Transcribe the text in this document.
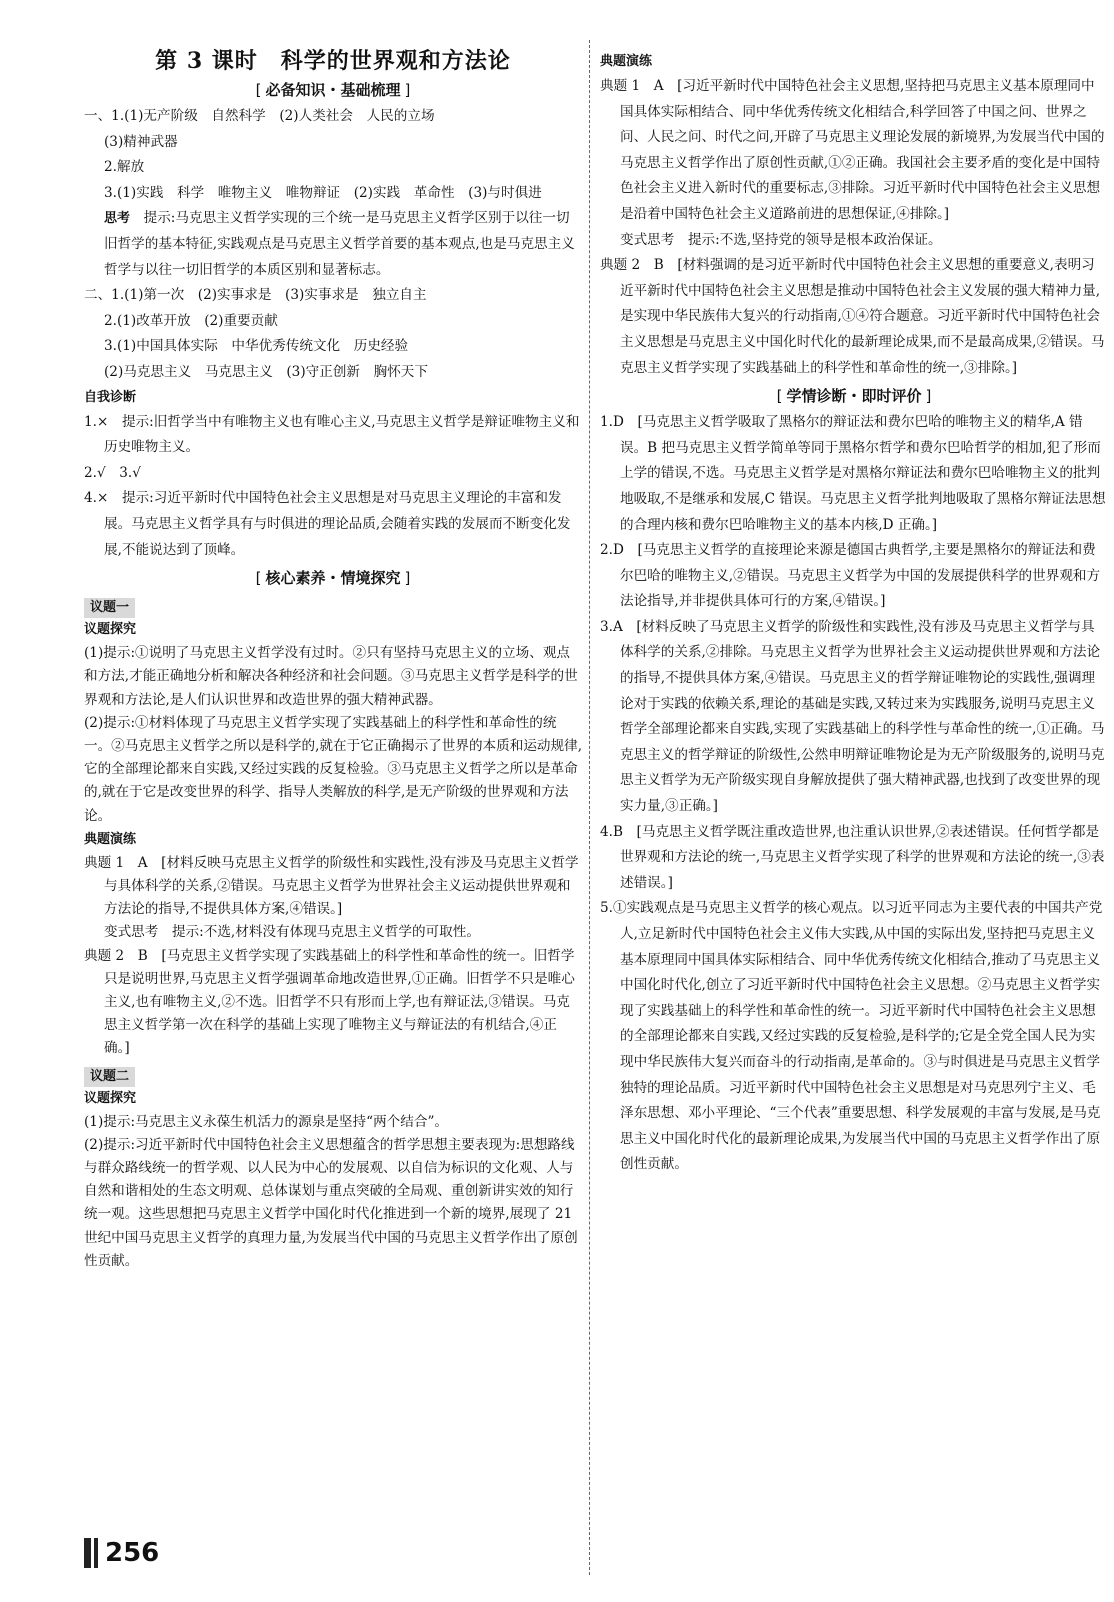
第 3 课时　科学的世界观和方法论
[ 必备知识・基础梳理 ]

一、1.(1)无产阶级　自然科学　(2)人类社会　人民的立场

(3)精神武器

2.解放

3.(1)实践　科学　唯物主义　唯物辩证　(2)实践　革命性　(3)与时俱进

思考　 提示:马克思主义哲学实现的三个统一是马克思主义哲学区别于以往一切旧哲学的基本特征,实践观点是马克思主义哲学首要的基本观点,也是马克思主义哲学与以往一切旧哲学的本质区别和显著标志。

二、1.(1)第一次　(2)实事求是　(3)实事求是　独立自主

2.(1)改革开放　(2)重要贡献

3.(1)中国具体实际　中华优秀传统文化　历史经验

(2)马克思主义　马克思主义　(3)守正创新　胸怀天下

自我诊断

1.×　提示:旧哲学当中有唯物主义也有唯心主义,马克思主义哲学是辩证唯物主义和历史唯物主义。

2.√　3.√

4.×　提示:习近平新时代中国特色社会主义思想是对马克思主义理论的丰富和发展。马克思主义哲学具有与时俱进的理论品质,会随着实践的发展而不断变化发展,不能说达到了顶峰。

[ 核心素养・情境探究 ]
议题一

议题探究

(1)提示:①说明了马克思主义哲学没有过时。②只有坚持马克思主义的立场、观点和方法,才能正确地分析和解决各种经济和社会问题。③马克思主义哲学是科学的世界观和方法论,是人们认识世界和改造世界的强大精神武器。

(2)提示:①材料体现了马克思主义哲学实现了实践基础上的科学性和革命性的统一。②马克思主义哲学之所以是科学的,就在于它正确揭示了世界的本质和运动规律,它的全部理论都来自实践,又经过实践的反复检验。③马克思主义哲学之所以是革命的,就在于它是改变世界的科学、指导人类解放的科学,是无产阶级的世界观和方法论。

典题演练

典题 1　A　[材料反映马克思主义哲学的阶级性和实践性,没有涉及马克思主义哲学与具体科学的关系,②错误。马克思主义哲学为世界社会主义运动提供世界观和方法论的指导,不提供具体方案,④错误。]

变式思考　提示:不选,材料没有体现马克思主义哲学的可取性。

典题 2　B　[马克思主义哲学实现了实践基础上的科学性和革命性的统一。旧哲学只是说明世界,马克思主义哲学强调革命地改造世界,①正确。旧哲学不只是唯心主义,也有唯物主义,②不选。旧哲学不只有形而上学,也有辩证法,③错误。马克思主义哲学第一次在科学的基础上实现了唯物主义与辩证法的有机结合,④正确。]

议题二

议题探究

(1)提示:马克思主义永葆生机活力的源泉是坚持“两个结合”。

(2)提示:习近平新时代中国特色社会主义思想蕴含的哲学思想主要表现为:思想路线与群众路线统一的哲学观、以人民为中心的发展观、以自信为标识的文化观、人与自然和谐相处的生态文明观、总体谋划与重点突破的全局观、重创新讲实效的知行统一观。这些思想把马克思主义哲学中国化时代化推进到一个新的境界,展现了 21 世纪中国马克思主义哲学的真理力量,为发展当代中国的马克思主义哲学作出了原创性贡献。

典题演练

典题 1　A　[习近平新时代中国特色社会主义思想,坚持把马克思主义基本原理同中国具体实际相结合、同中华优秀传统文化相结合,科学回答了中国之问、世界之问、人民之问、时代之问,开辟了马克思主义理论发展的新境界,为发展当代中国的马克思主义哲学作出了原创性贡献,①②正确。我国社会主要矛盾的变化是中国特色社会主义进入新时代的重要标志,③排除。习近平新时代中国特色社会主义思想是沿着中国特色社会主义道路前进的思想保证,④排除。]

变式思考　提示:不选,坚持党的领导是根本政治保证。

典题 2　B　[材料强调的是习近平新时代中国特色社会主义思想的重要意义,表明习近平新时代中国特色社会主义思想是推动中国特色社会主义发展的强大精神力量,是实现中华民族伟大复兴的行动指南,①④符合题意。习近平新时代中国特色社会主义思想是马克思主义中国化时代化的最新理论成果,而不是最高成果,②错误。马克思主义哲学实现了实践基础上的科学性和革命性的统一,③排除。]

[ 学情诊断・即时评价 ]

1.D　[马克思主义哲学吸取了黑格尔的辩证法和费尔巴哈的唯物主义的精华,A 错误。B 把马克思主义哲学简单等同于黑格尔哲学和费尔巴哈哲学的相加,犯了形而上学的错误,不选。马克思主义哲学是对黑格尔辩证法和费尔巴哈唯物主义的批判地吸取,不是继承和发展,C 错误。马克思主义哲学批判地吸取了黑格尔辩证法思想的合理内核和费尔巴哈唯物主义的基本内核,D 正确。]

2.D　[马克思主义哲学的直接理论来源是德国古典哲学,主要是黑格尔的辩证法和费尔巴哈的唯物主义,②错误。马克思主义哲学为中国的发展提供科学的世界观和方法论指导,并非提供具体可行的方案,④错误。]

3.A　[材料反映了马克思主义哲学的阶级性和实践性,没有涉及马克思主义哲学与具体科学的关系,②排除。马克思主义哲学为世界社会主义运动提供世界观和方法论的指导,不提供具体方案,④错误。马克思主义的哲学辩证唯物论的实践性,强调理论对于实践的依赖关系,理论的基础是实践,又转过来为实践服务,说明马克思主义哲学全部理论都来自实践,实现了实践基础上的科学性与革命性的统一,①正确。马克思主义的哲学辩证的阶级性,公然申明辩证唯物论是为无产阶级服务的,说明马克思主义哲学为无产阶级实现自身解放提供了强大精神武器,也找到了改变世界的现实力量,③正确。]

4.B　[马克思主义哲学既注重改造世界,也注重认识世界,②表述错误。任何哲学都是世界观和方法论的统一,马克思主义哲学实现了科学的世界观和方法论的统一,③表述错误。]

5.①实践观点是马克思主义哲学的核心观点。以习近平同志为主要代表的中国共产党人,立足新时代中国特色社会主义伟大实践,从中国的实际出发,坚持把马克思主义基本原理同中国具体实际相结合、同中华优秀传统文化相结合,推动了马克思主义中国化时代化,创立了习近平新时代中国特色社会主义思想。②马克思主义哲学实现了实践基础上的科学性和革命性的统一。习近平新时代中国特色社会主义思想的全部理论都来自实践,又经过实践的反复检验,是科学的;它是全党全国人民为实现中华民族伟大复兴而奋斗的行动指南,是革命的。③与时俱进是马克思主义哲学独特的理论品质。习近平新时代中国特色社会主义思想是对马克思列宁主义、毛泽东思想、邓小平理论、“三个代表”重要思想、科学发展观的丰富与发展,是马克思主义中国化时代化的最新理论成果,为发展当代中国的马克思主义哲学作出了原创性贡献。

256
